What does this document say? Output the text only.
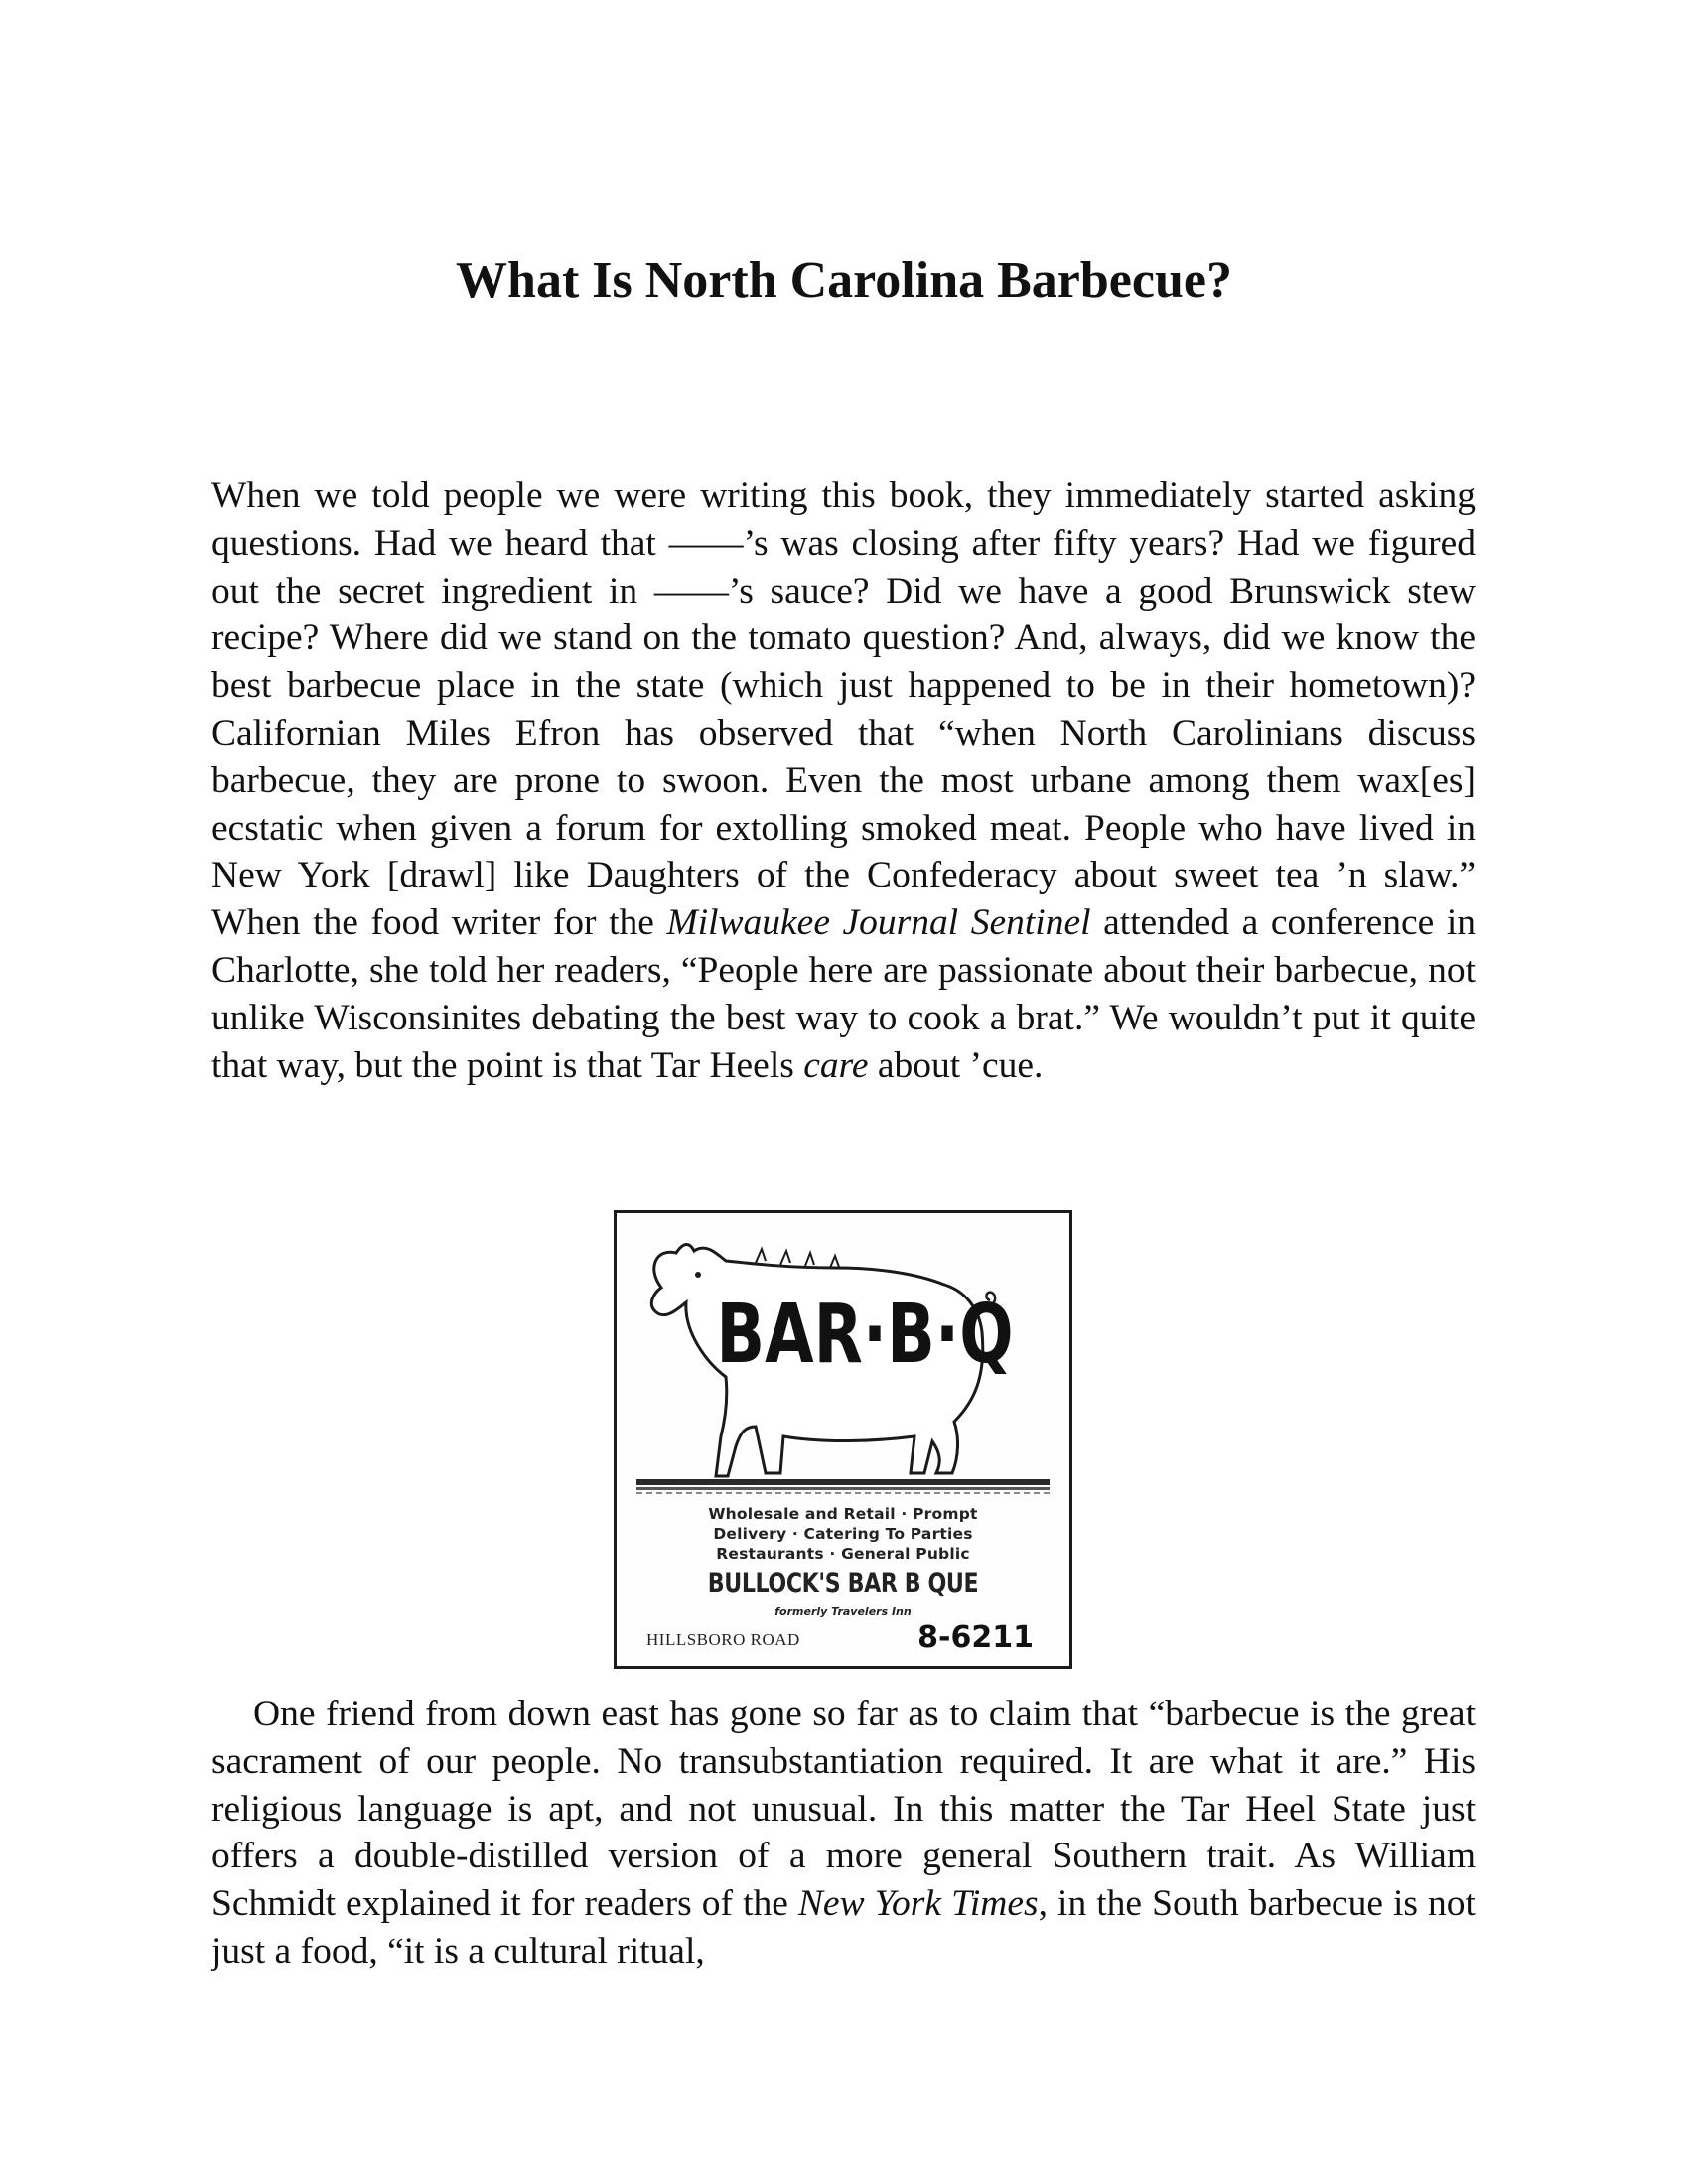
What Is North Carolina Barbecue?

When we told people we were writing this book, they immediately started asking questions. Had we heard that ——’s was closing after fifty years? Had we figured out the secret ingredient in ——’s sauce? Did we have a good Brunswick stew recipe? Where did we stand on the tomato question? And, always, did we know the best barbecue place in the state (which just happened to be in their hometown)? Californian Miles Efron has observed that “when North Carolinians discuss barbecue, they are prone to swoon. Even the most urbane among them wax[es] ecstatic when given a forum for extolling smoked meat. People who have lived in New York [drawl] like Daughters of the Confederacy about sweet tea ’n slaw.” When the food writer for the Milwaukee Journal Sentinel attended a conference in Charlotte, she told her readers, “People here are passionate about their barbecue, not unlike Wisconsinites debating the best way to cook a brat.” We wouldn’t put it quite that way, but the point is that Tar Heels care about ’cue.

BAR·B·Q
Wholesale and Retail · Prompt
Delivery · Catering To Parties
Restaurants · General Public
BULLOCK'S BAR B QUE
formerly Travelers Inn
HILLSBORO ROAD	8-6211

One friend from down east has gone so far as to claim that “barbecue is the great sacrament of our people. No transubstantiation required. It are what it are.” His religious language is apt, and not unusual. In this matter the Tar Heel State just offers a double-distilled version of a more general Southern trait. As William Schmidt explained it for readers of the New York Times, in the South barbecue is not just a food, “it is a cultural ritual,
